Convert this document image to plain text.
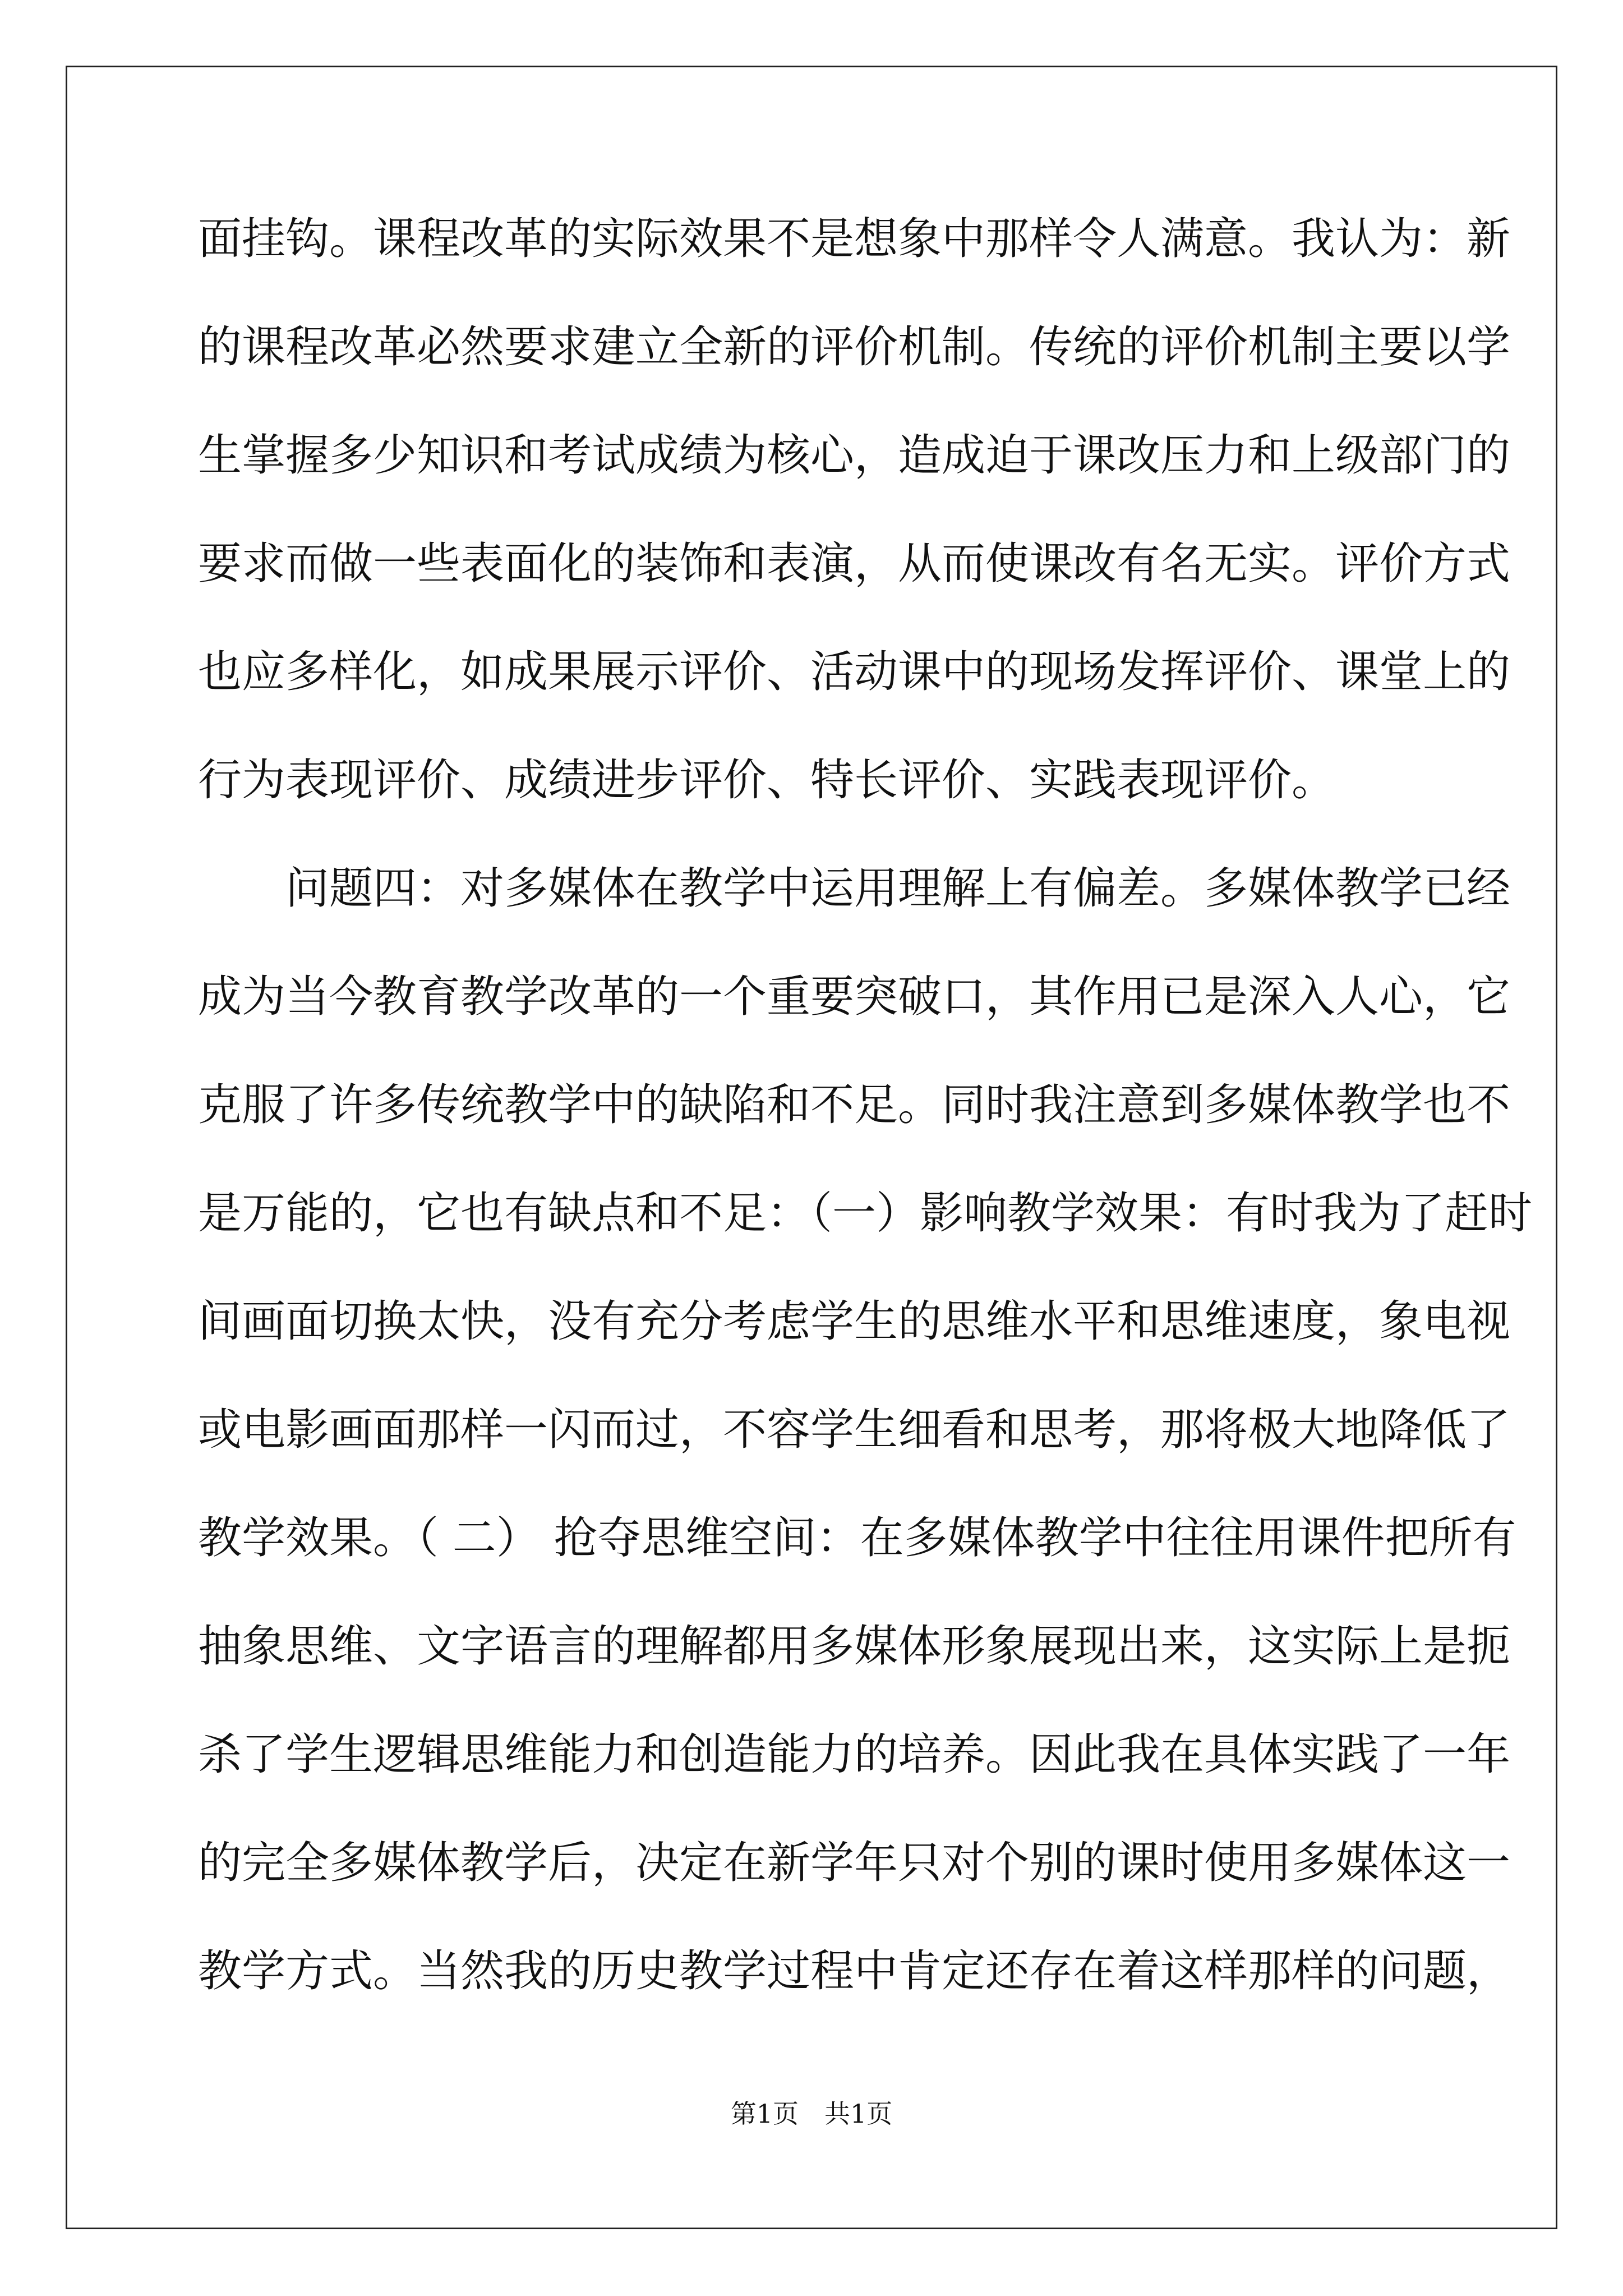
面挂钩。课程改革的实际效果不是想象中那样令人满意。我认为：新
的课程改革必然要求建立全新的评价机制。传统的评价机制主要以学
生掌握多少知识和考试成绩为核心，造成迫于课改压力和上级部门的
要求而做一些表面化的装饰和表演，从而使课改有名无实。评价方式
也应多样化，如成果展示评价、活动课中的现场发挥评价、课堂上的
行为表现评价、成绩进步评价、特长评价、实践表现评价。
　　问题四：对多媒体在教学中运用理解上有偏差。多媒体教学已经
成为当今教育教学改革的一个重要突破口，其作用已是深入人心，它
克服了许多传统教学中的缺陷和不足。同时我注意到多媒体教学也不
是万能的，它也有缺点和不足：（一）影响教学效果：有时我为了赶时
间画面切换太快，没有充分考虑学生的思维水平和思维速度，象电视
或电影画面那样一闪而过，不容学生细看和思考，那将极大地降低了
教学效果。（ 二） 抢夺思维空间：在多媒体教学中往往用课件把所有
抽象思维、文字语言的理解都用多媒体形象展现出来，这实际上是扼
杀了学生逻辑思维能力和创造能力的培养。因此我在具体实践了一年
的完全多媒体教学后，决定在新学年只对个别的课时使用多媒体这一
教学方式。当然我的历史教学过程中肯定还存在着这样那样的问题，
第1页　共1页
